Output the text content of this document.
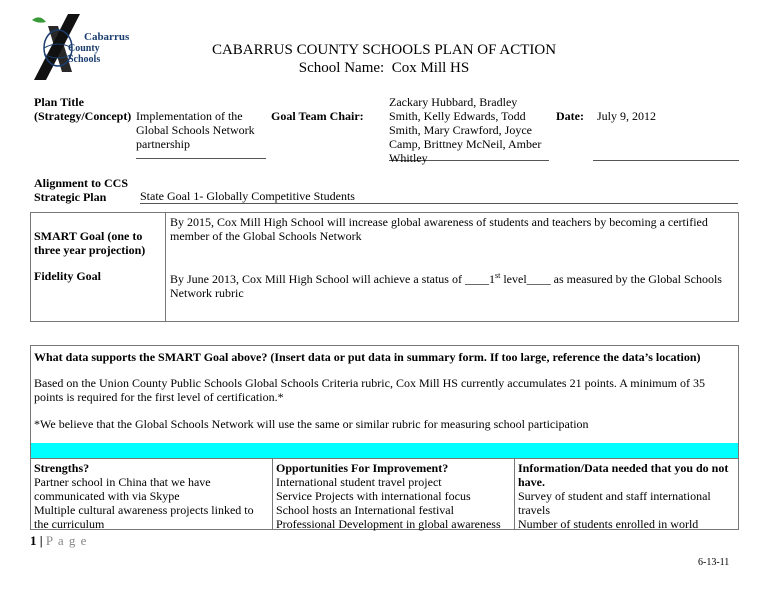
Cabarrus
County Schools
CABARRUS COUNTY SCHOOLS PLAN OF ACTION
School Name: Cox Mill HS
Plan Title
(Strategy/Concept) Implementation of the Global Schools Network partnership
Goal Team Chair:
Zackary Hubbard, Bradley Smith, Kelly Edwards, Todd Smith, Mary Crawford, Joyce Camp, Brittney McNeil, Amber Whitley
Date: July 9, 2012
Alignment to CCS
Strategic Plan	State Goal 1- Globally Competitive Students
SMART Goal (one to three year projection)
By 2015, Cox Mill High School will increase global awareness of students and teachers by becoming a certified member of the Global Schools Network
Fidelity Goal	By June 2013, Cox Mill High School will achieve a status of ____1st level____ as measured by the Global Schools Network rubric
What data supports the SMART Goal above? (Insert data or put data in summary form. If too large, reference the data’s location)
Based on the Union County Public Schools Global Schools Criteria rubric, Cox Mill HS currently accumulates 21 points. A minimum of 35 points is required for the first level of certification.*
*We believe that the Global Schools Network will use the same or similar rubric for measuring school participation
Strengths?
Partner school in China that we have communicated with via Skype
Multiple cultural awareness projects linked to the curriculum
Opportunities For Improvement?
International student travel project
Service Projects with international focus
School hosts an International festival
Professional Development in global awareness
Information/Data needed that you do not have.
Survey of student and staff international travels
Number of students enrolled in world
1 | P a g e
6-13-11
